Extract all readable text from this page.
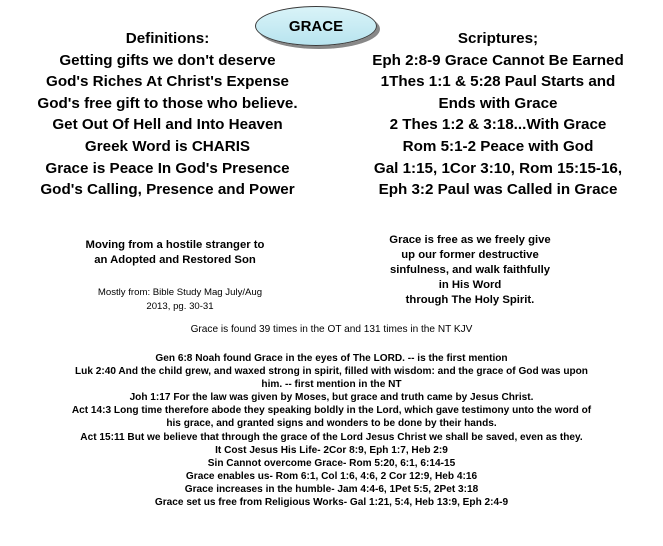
GRACE
Definitions:
Getting gifts we don't deserve
God's Riches At Christ's Expense
God's free gift to those who believe.
Get Out Of Hell and Into Heaven
Greek Word is CHARIS
Grace is Peace In God's Presence
God's Calling, Presence and Power
Scriptures;
Eph 2:8-9 Grace Cannot Be Earned
1Thes 1:1 & 5:28 Paul Starts and
Ends with Grace
2 Thes 1:2 & 3:18...With Grace
Rom 5:1-2 Peace with God
Gal 1:15, 1Cor 3:10, Rom 15:15-16,
Eph 3:2 Paul was Called in Grace
Moving from a hostile stranger to
an Adopted and Restored Son
Mostly from: Bible Study Mag July/Aug
2013, pg. 30-31
Grace is free as we freely give
up our former destructive
sinfulness, and walk faithfully
in His Word
through The Holy Spirit.
Grace is found 39 times in the OT and 131 times in the NT KJV
Gen 6:8 Noah found Grace in the eyes of The LORD. -- is the first mention
Luk 2:40 And the child grew, and waxed strong in spirit, filled with wisdom: and the grace of God was upon
him. -- first mention in the NT
Joh 1:17 For the law was given by Moses, but grace and truth came by Jesus Christ.
Act 14:3 Long time therefore abode they speaking boldly in the Lord, which gave testimony unto the word of
his grace, and granted signs and wonders to be done by their hands.
Act 15:11 But we believe that through the grace of the Lord Jesus Christ we shall be saved, even as they.
It Cost Jesus His Life- 2Cor 8:9, Eph 1:7, Heb 2:9
Sin Cannot overcome Grace- Rom 5:20, 6:1, 6:14-15
Grace enables us- Rom 6:1, Col 1:6, 4:6, 2 Cor 12:9, Heb 4:16
Grace increases in the humble- Jam 4:4-6, 1Pet 5:5, 2Pet 3:18
Grace set us free from Religious Works- Gal 1:21, 5:4, Heb 13:9, Eph 2:4-9
